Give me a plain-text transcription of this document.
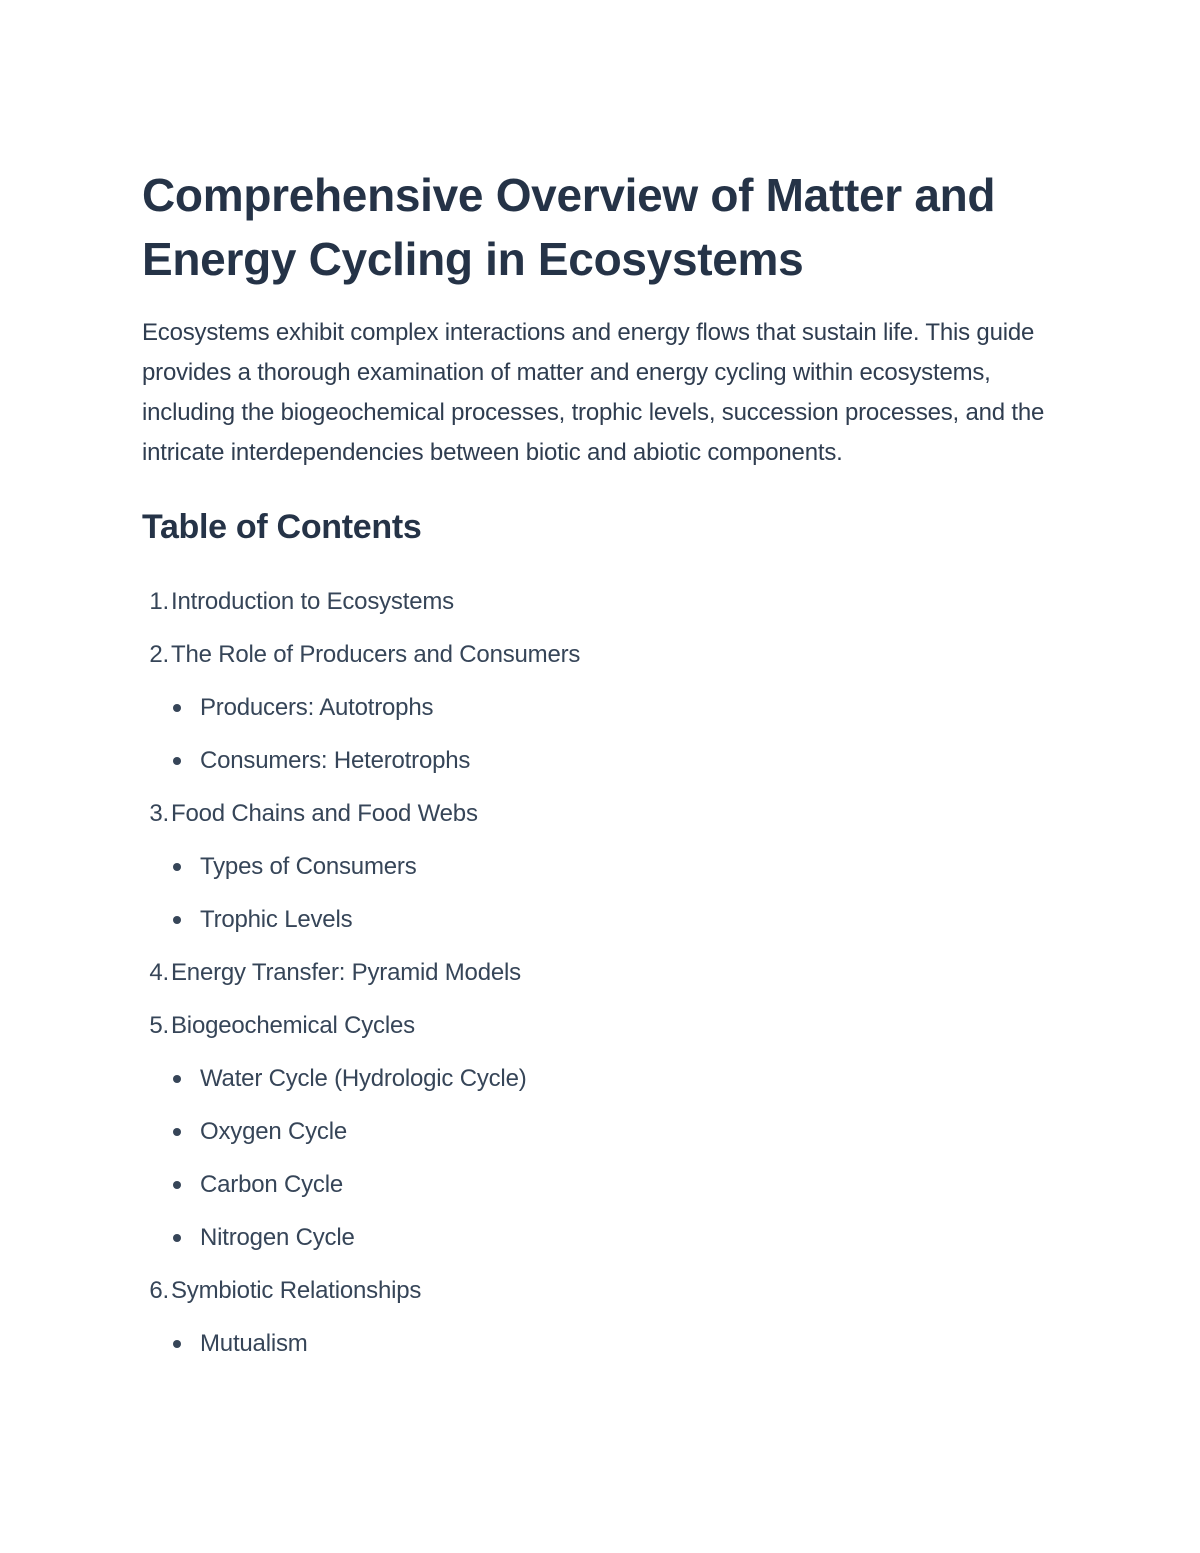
Comprehensive Overview of Matter and Energy Cycling in Ecosystems

Ecosystems exhibit complex interactions and energy flows that sustain life. This guide provides a thorough examination of matter and energy cycling within ecosystems, including the biogeochemical processes, trophic levels, succession processes, and the intricate interdependencies between biotic and abiotic components.

Table of Contents
1.Introduction to Ecosystems
2.The Role of Producers and Consumers
Producers: Autotrophs
Consumers: Heterotrophs
3.Food Chains and Food Webs
Types of Consumers
Trophic Levels
4.Energy Transfer: Pyramid Models
5.Biogeochemical Cycles
Water Cycle (Hydrologic Cycle)
Oxygen Cycle
Carbon Cycle
Nitrogen Cycle
6.Symbiotic Relationships
Mutualism
